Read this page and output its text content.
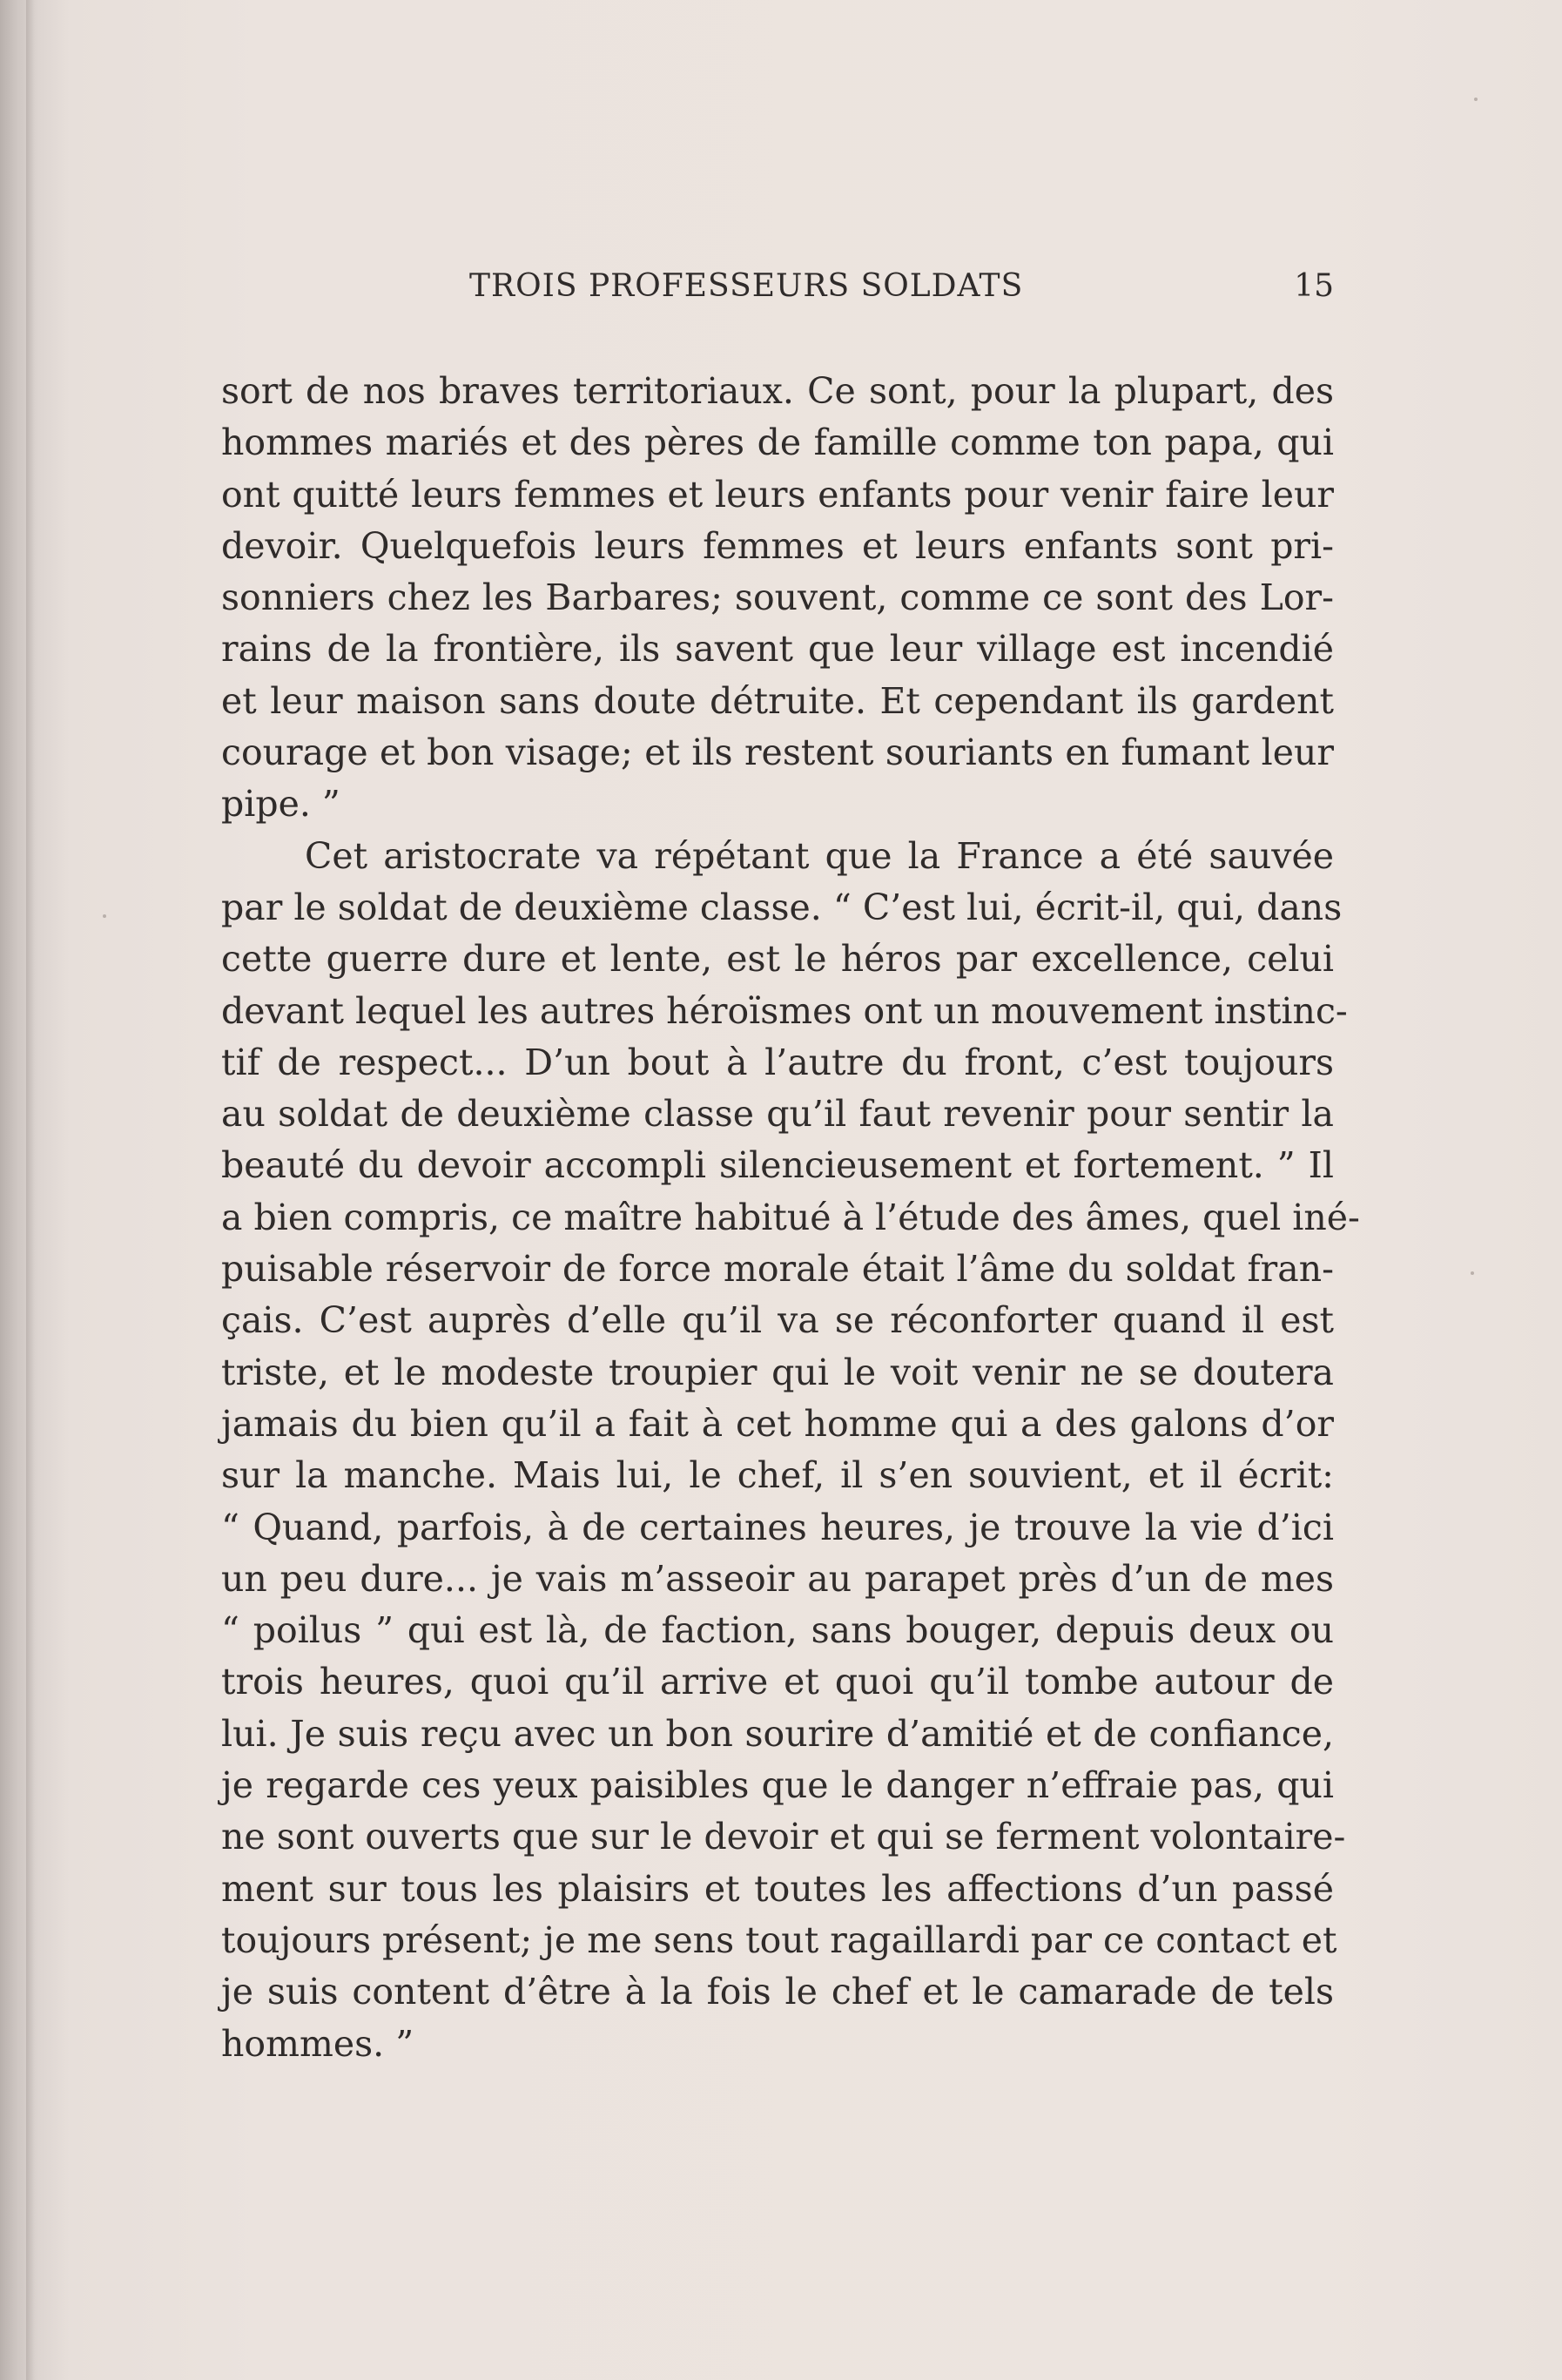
TROIS PROFESSEURS SOLDATS	15
sort de nos braves territoriaux. Ce sont, pour la plupart, des
hommes mariés et des pères de famille comme ton papa, qui
ont quitté leurs femmes et leurs enfants pour venir faire leur
devoir. Quelquefois leurs femmes et leurs enfants sont pri-
sonniers chez les Barbares; souvent, comme ce sont des Lor-
rains de la frontière, ils savent que leur village est incendié
et leur maison sans doute détruite. Et cependant ils gardent
courage et bon visage; et ils restent souriants en fumant leur
pipe. ”
Cet aristocrate va répétant que la France a été sauvée
par le soldat de deuxième classe. “ C’est lui, écrit-il, qui, dans
cette guerre dure et lente, est le héros par excellence, celui
devant lequel les autres héroïsmes ont un mouvement instinc-
tif de respect... D’un bout à l’autre du front, c’est toujours
au soldat de deuxième classe qu’il faut revenir pour sentir la
beauté du devoir accompli silencieusement et fortement. ” Il
a bien compris, ce maître habitué à l’étude des âmes, quel iné-
puisable réservoir de force morale était l’âme du soldat fran-
çais. C’est auprès d’elle qu’il va se réconforter quand il est
triste, et le modeste troupier qui le voit venir ne se doutera
jamais du bien qu’il a fait à cet homme qui a des galons d’or
sur la manche. Mais lui, le chef, il s’en souvient, et il écrit:
“ Quand, parfois, à de certaines heures, je trouve la vie d’ici
un peu dure... je vais m’asseoir au parapet près d’un de mes
“ poilus ” qui est là, de faction, sans bouger, depuis deux ou
trois heures, quoi qu’il arrive et quoi qu’il tombe autour de
lui. Je suis reçu avec un bon sourire d’amitié et de confiance,
je regarde ces yeux paisibles que le danger n’effraie pas, qui
ne sont ouverts que sur le devoir et qui se ferment volontaire-
ment sur tous les plaisirs et toutes les affections d’un passé
toujours présent; je me sens tout ragaillardi par ce contact et
je suis content d’être à la fois le chef et le camarade de tels
hommes. ”
